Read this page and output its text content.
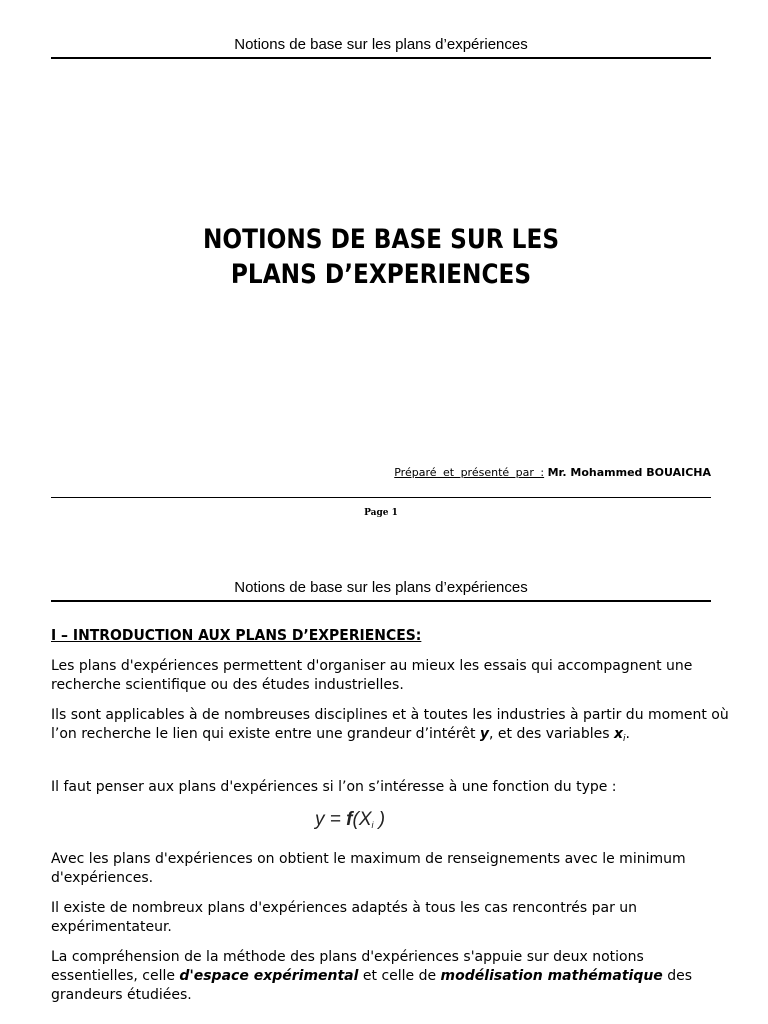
Notions de base sur les plans d’expériences
NOTIONS DE BASE SUR LES
PLANS D’EXPERIENCES
Préparé et présenté par : Mr. Mohammed BOUAICHA
Page 1
Notions de base sur les plans d’expériences
I – INTRODUCTION AUX PLANS D’EXPERIENCES:

Les plans d'expériences permettent d'organiser au mieux les essais qui accompagnent une recherche scientifique ou des études industrielles.

Ils sont applicables à de nombreuses disciplines et à toutes les industries à partir du moment où l’on recherche le lien qui existe entre une grandeur d’intérêt y, et des variables $x_i$.

Il faut penser aux plans d'expériences si l’on s’intéresse à une fonction du type :

$y = f(X_i$ )

Avec les plans d'expériences on obtient le maximum de renseignements avec le minimum d'expériences.

Il existe de nombreux plans d'expériences adaptés à tous les cas rencontrés par un expérimentateur.

La compréhension de la méthode des plans d'expériences s'appuie sur deux notions essentielles, celle d'espace expérimental et celle de modélisation mathématique des grandeurs étudiées.
